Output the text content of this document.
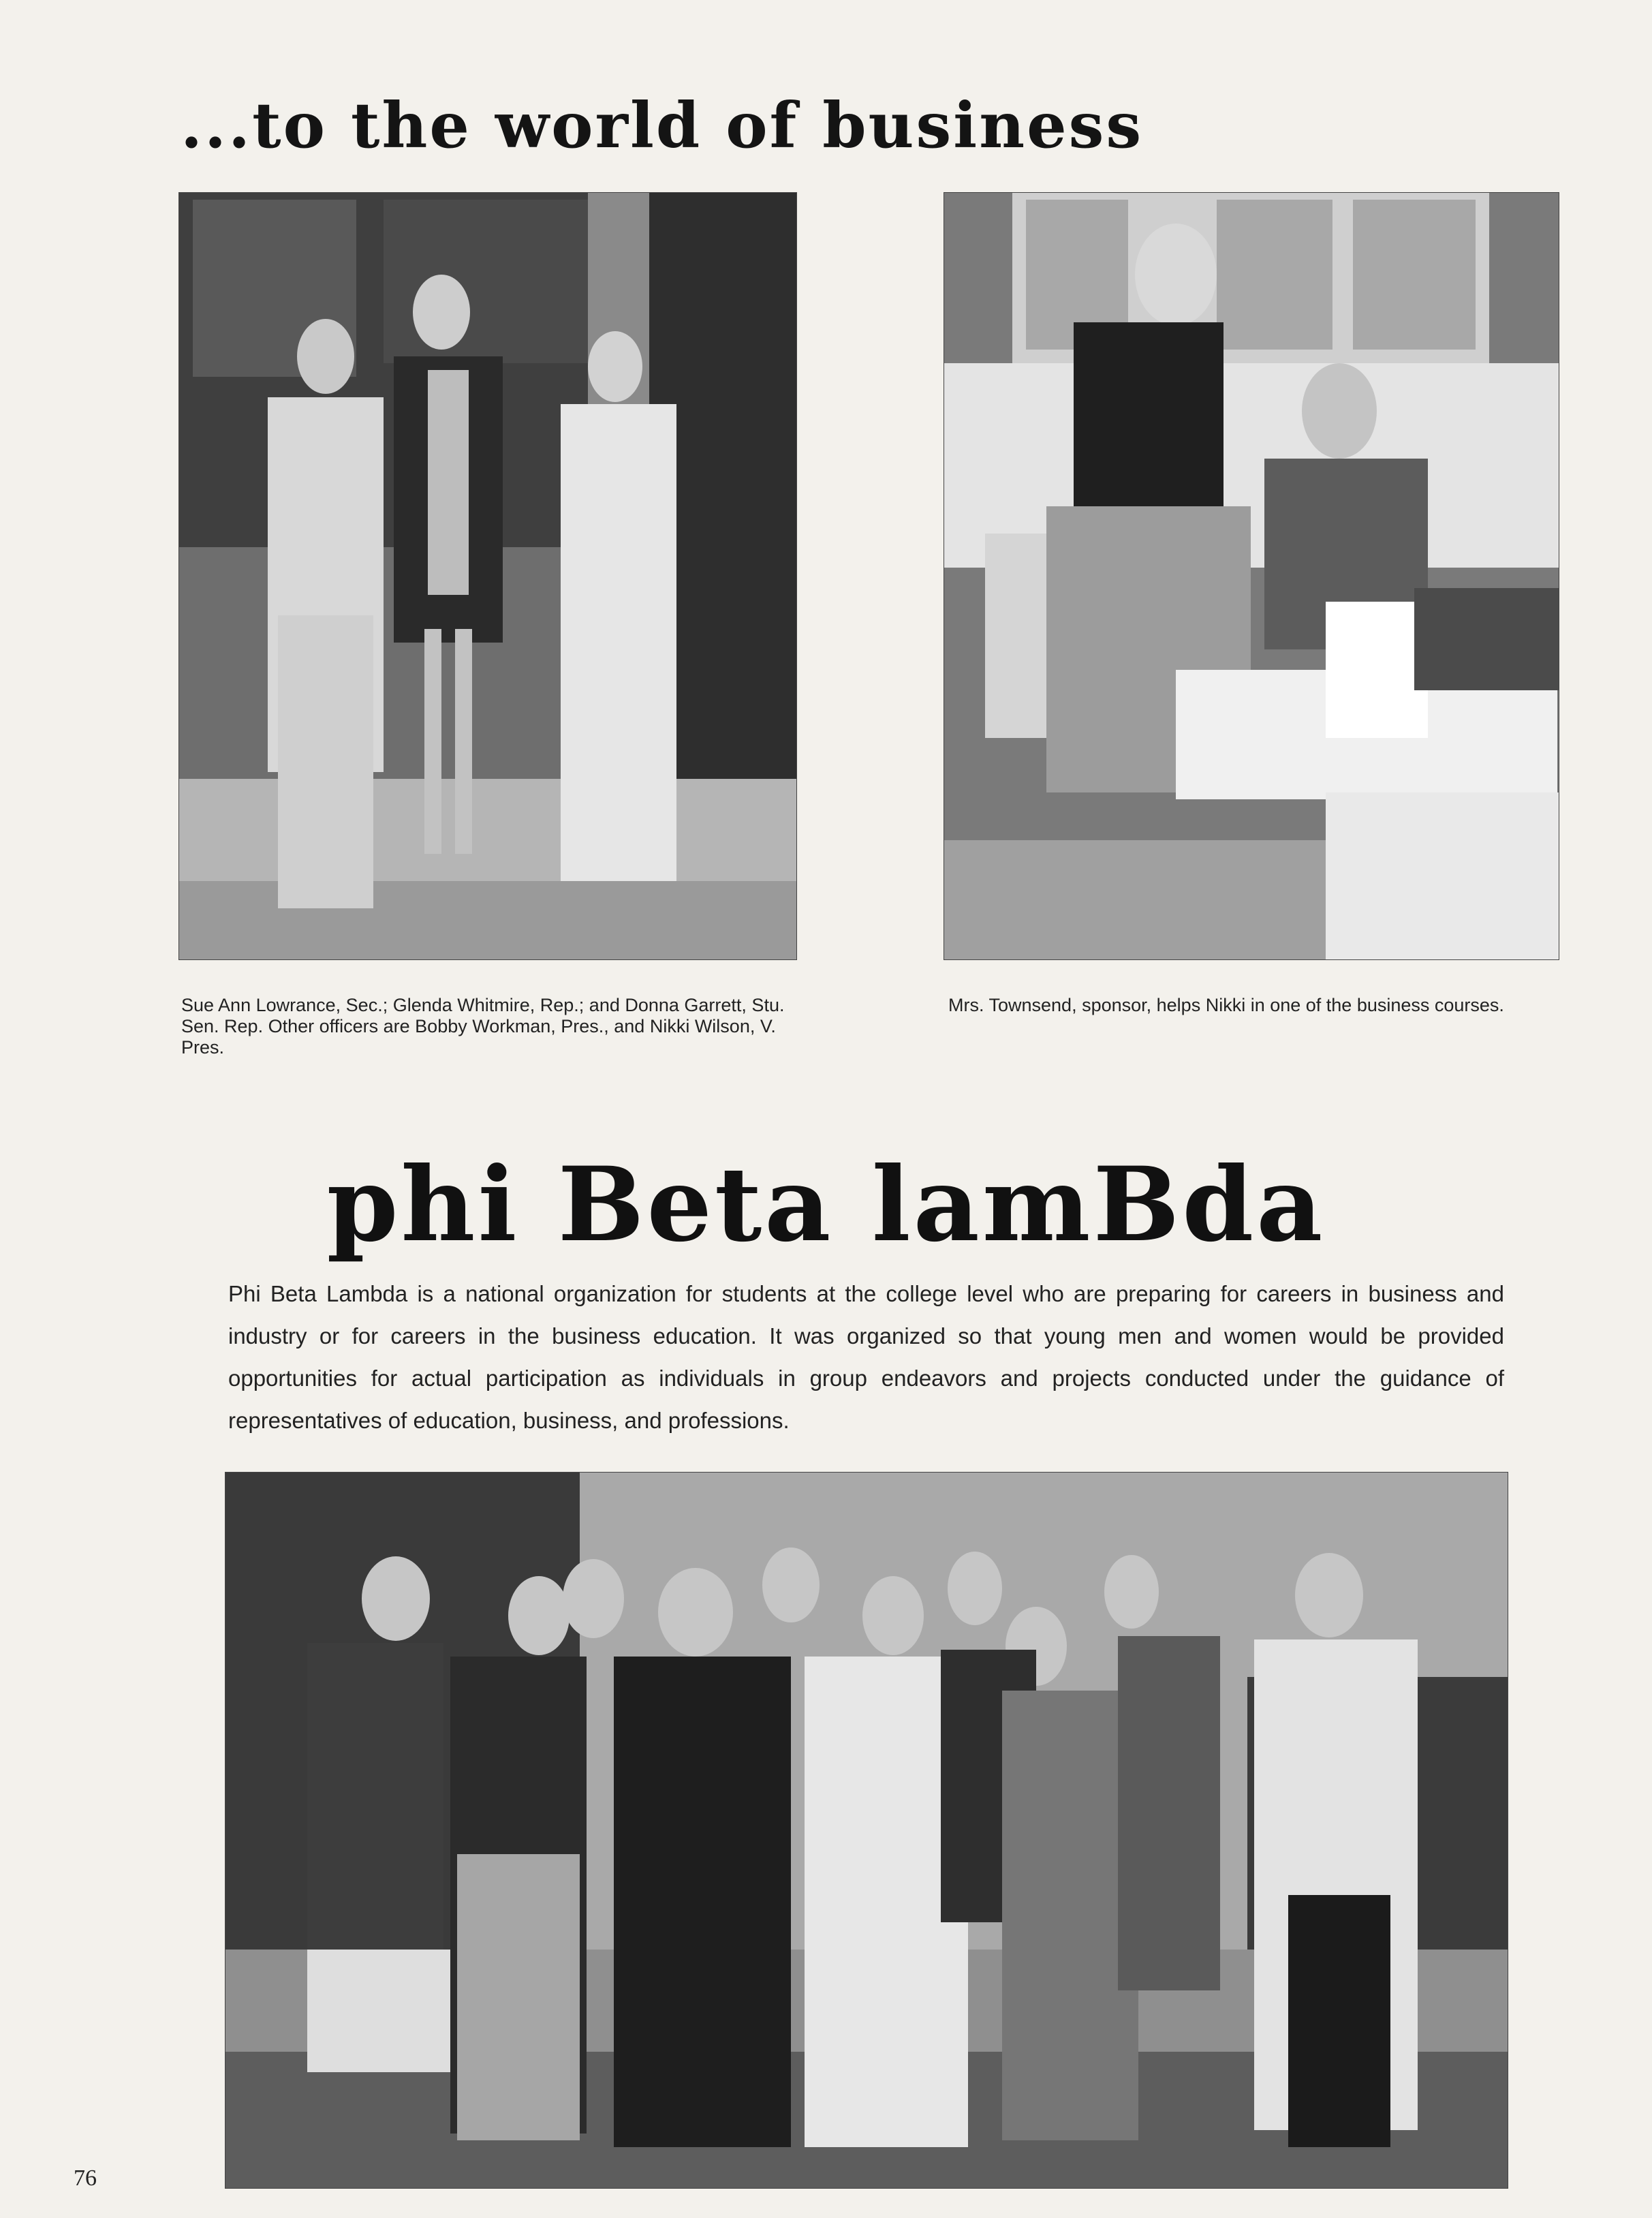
...to the world of business
Sue Ann Lowrance, Sec.; Glenda Whitmire, Rep.; and Donna Garrett, Stu. Sen. Rep. Other officers are Bobby Workman, Pres., and Nikki Wilson, V. Pres.
Mrs. Townsend, sponsor, helps Nikki in one of the business courses.
phi Beta lamBda
Phi Beta Lambda is a national organization for students at the college level who are preparing for careers in business and industry or for careers in the business education. It was organized so that young men and women would be provided opportunities for actual participation as individuals in group endeavors and projects conducted under the guidance of representatives of education, business, and professions.
76
